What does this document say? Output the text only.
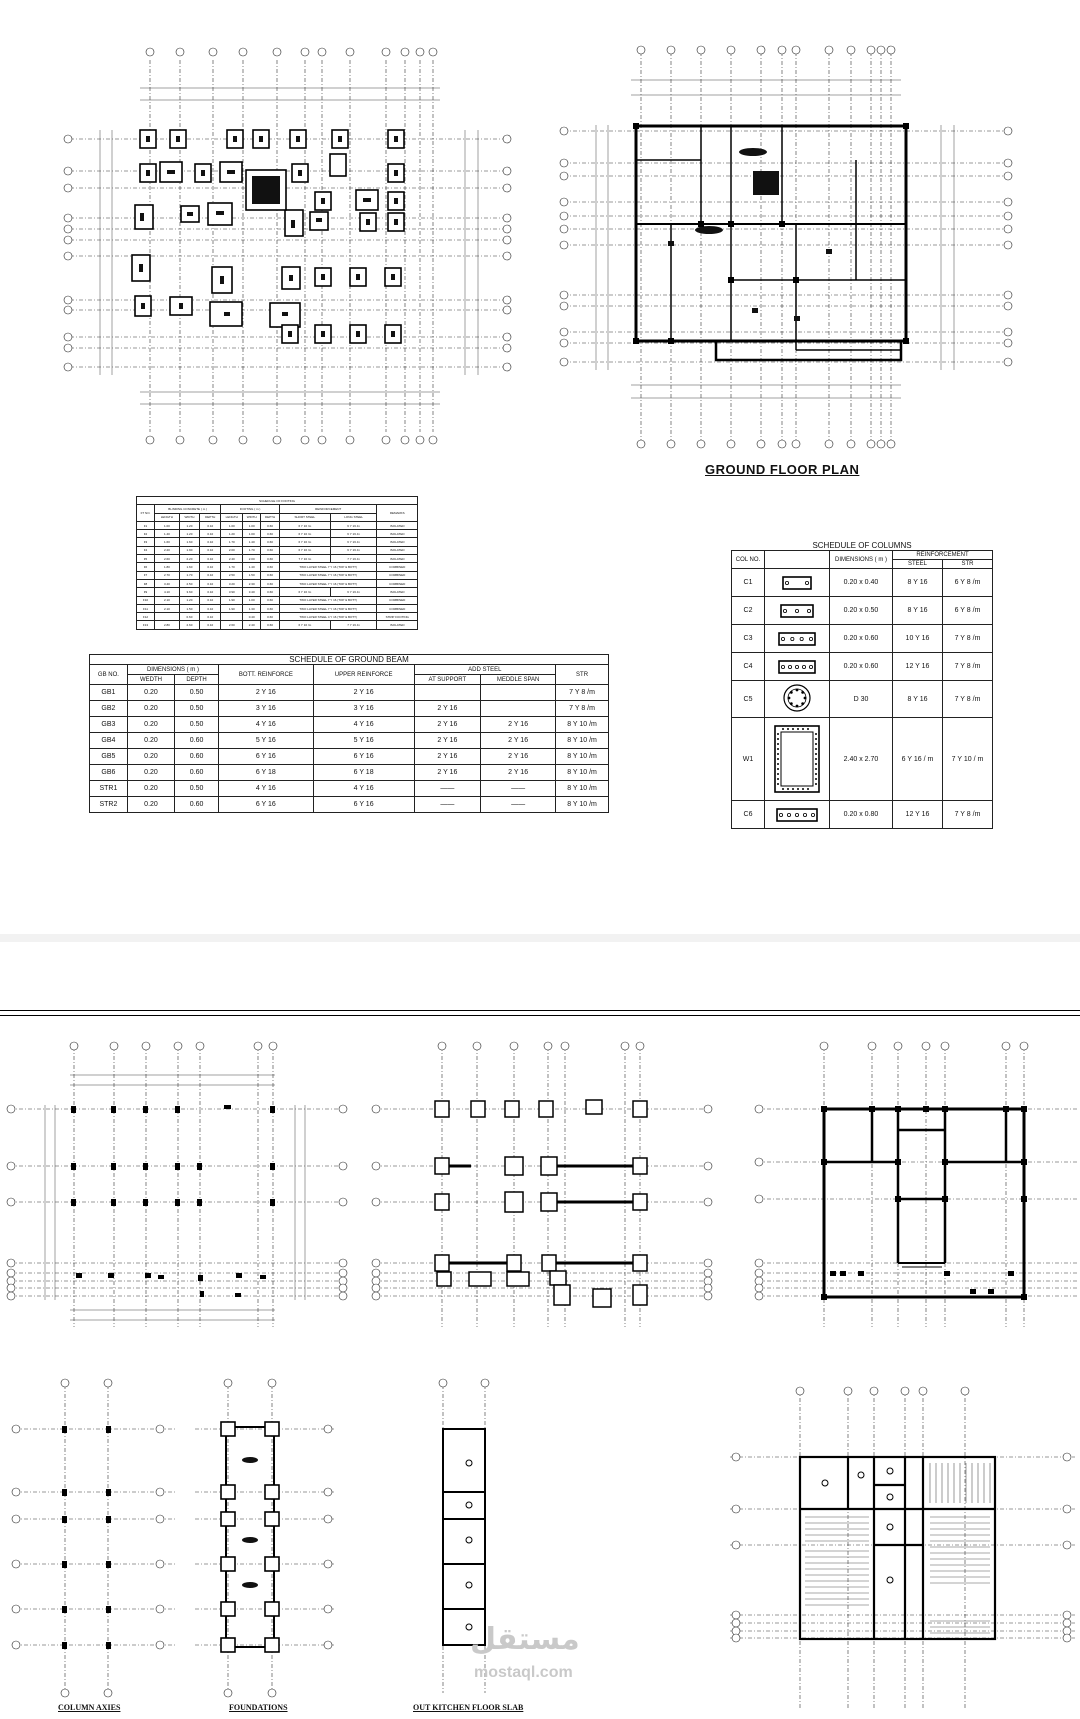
GROUND FLOOR PLAN
SCHEDULE OF FOOTING									
FT NO.	BLINDING CONCRETE ( m )			FOOTING ( m )			REINFORCEMENT		REMARKS
	LENGTH	WIDTH	DEPTH	LENGTH	WIDTH	DEPTH	SHORT STEEL	LONG STEEL	
F1	1.00	1.20	0.10	1.00	1.00	0.60	6 Y 16 /m	6 Y 16 /m	ISOLATED
F2	1.40	1.20	0.10	1.20	1.00	0.60	6 Y 16 /m	6 Y 16 /m	ISOLATED
F3	1.60	1.60	0.10	1.70	1.40	0.60	6 Y 16 /m	6 Y 16 /m	ISOLATED
F4	2.20	1.90	0.10	2.00	1.70	0.60	6 Y 16 /m	6 Y 16 /m	ISOLATED
F5	2.60	2.20	0.10	2.40	2.00	0.60	7 Y 16 /m	7 Y 16 /m	ISOLATED
F6	1.80	1.60	0.10	1.70	1.40	0.60	TWO LAYER STEEL 7 Y 16 (TOP & BOTT)		COMBINED
F7	2.70	1.70	0.10	2.50	1.50	0.60	TWO LAYER STEEL 7 Y 16 (TOP & BOTT)		COMBINED
F8	3.40	2.50	0.10	3.20	2.30	0.60	TWO LAYER STEEL 7 Y 16 (TOP & BOTT)		COMBINED
F9	4.10	3.60	0.10	3.90	3.40	0.60	6 Y 16 /m	6 Y 16 /m	ISOLATED
F10	2.10	1.20	0.10	1.90	1.00	0.60	TWO LAYER STEEL 7 Y 16 (TOP & BOTT)		COMBINED
F11	2.10	1.50	0.10	1.90	1.30	0.60	TWO LAYER STEEL 7 Y 16 (TOP & BOTT)		COMBINED
F12		0.60	0.10		0.40	0.60	TWO LAYER STEEL 4 Y 16 (TOP & BOTT)		STRIP FOOTING
F13	2.80	2.60	0.10	2.60	2.40	0.60	6 Y 16 /m	7 Y 16 /m	ISOLATED
SCHEDULE OF GROUND BEAM							
GB NO.	DIMENSIONS ( m )		BOTT. REINFORCE	UPPER REINFORCE	ADD STEEL		STR
	WEDTH	DEPTH			AT SUPPORT	MEDDLE SPAN	
GB1	0.20	0.50	2 Y 16	2 Y 16			7 Y 8 /m
GB2	0.20	0.50	3 Y 16	3 Y 16	2 Y 16		7 Y 8 /m
GB3	0.20	0.50	4 Y 16	4 Y 16	2 Y 16	2 Y 16	8 Y 10 /m
GB4	0.20	0.60	5 Y 16	5 Y 16	2 Y 16	2 Y 16	8 Y 10 /m
GB5	0.20	0.60	6 Y 16	6 Y 16	2 Y 16	2 Y 16	8 Y 10 /m
GB6	0.20	0.60	6 Y 18	6 Y 18	2 Y 16	2 Y 16	8 Y 10 /m
STR1	0.20	0.50	4 Y 16	4 Y 16	——	——	8 Y 10 /m
STR2	0.20	0.60	6 Y 16	6 Y 16	——	——	8 Y 10 /m
SCHEDULE OF COLUMNS				
COL NO.		DIMENSIONS ( m )	REINFORCEMENT	
			STEEL	STR
C1		0.20 x 0.40	8 Y 16	6 Y 8 /m
C2		0.20 x 0.50	8 Y 16	6 Y 8 /m
C3		0.20 x 0.60	10 Y 16	7 Y 8 /m
C4		0.20 x 0.60	12 Y 16	7 Y 8 /m
C5		D 30	8 Y 16	7 Y 8 /m
W1		2.40 x 2.70	6 Y 16 / m	7 Y 10 / m
C6		0.20 x 0.80	12 Y 16	7 Y 8 /m
COLUMN AXIES	FOUNDATIONS	OUT KITCHEN FLOOR SLAB
مستقل
mostaql.com
